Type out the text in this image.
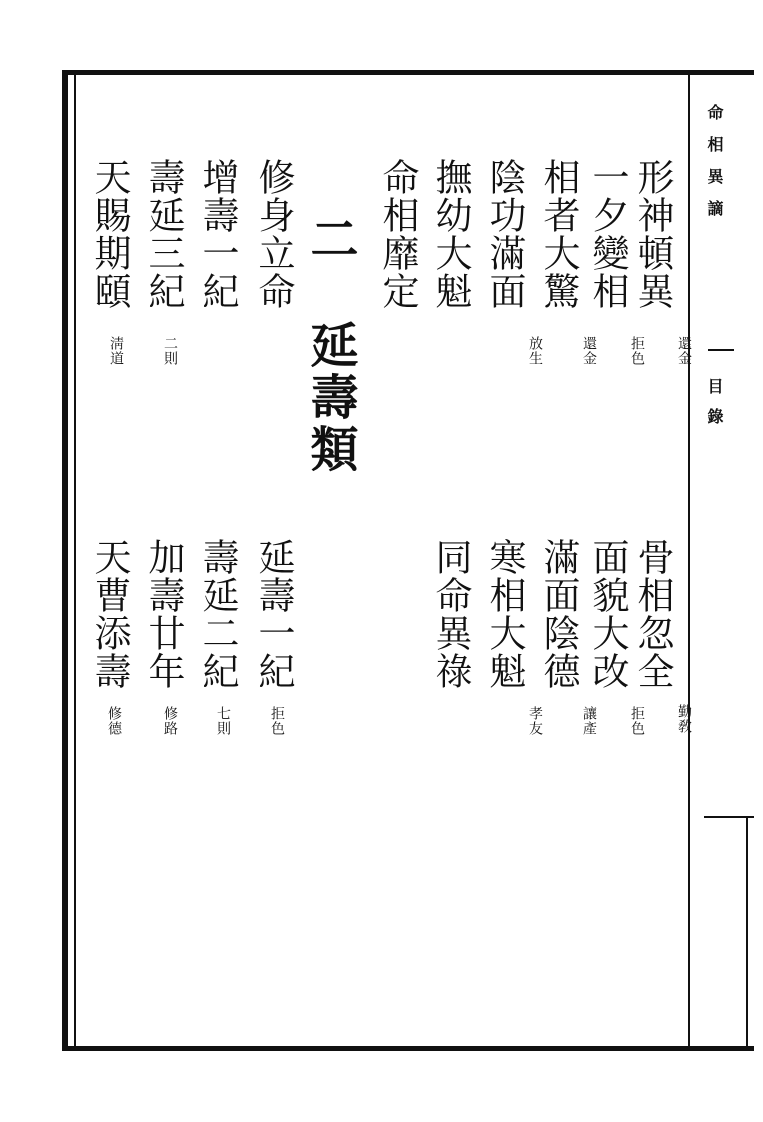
命相異謫
目錄
二
延壽類
形神頓異
還金
一夕變相
拒色
相者大驚
還金
陰功滿面
放生
撫幼大魁
命相靡定
骨相忽全
勤敎
面貌大改
拒色
滿面陰德
讓產
寒相大魁
孝友
同命異祿
修身立命
增壽一紀
壽延三紀
二則
天賜期頤
淸道
延壽一紀
拒色
壽延二紀
七則
加壽廿年
修路
天曹添壽
修德
